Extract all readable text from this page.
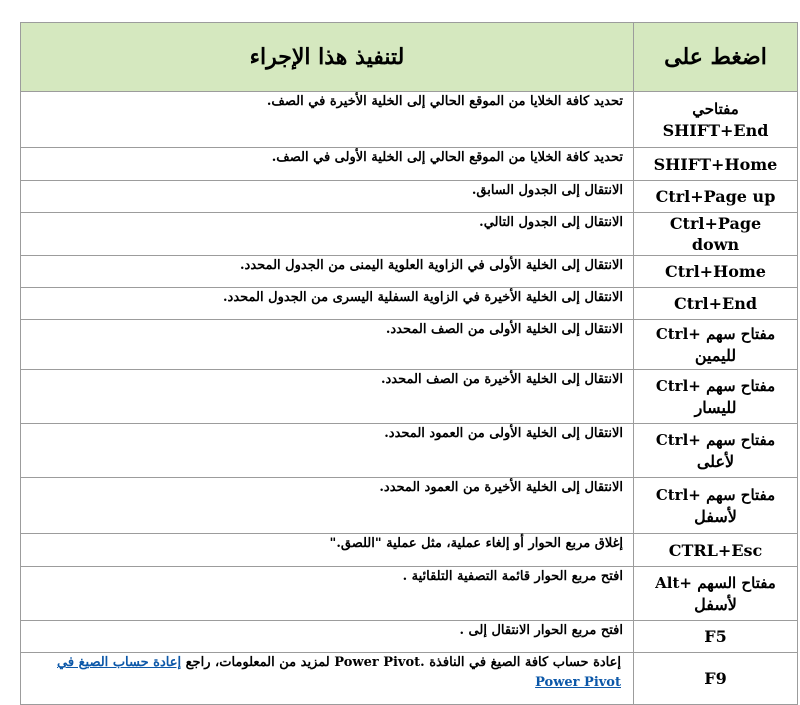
اضغط على	لتنفيذ هذا الإجراء

مفتاحي
SHIFT+End	تحديد كافة الخلايا من الموقع الحالي إلى الخلية الأخيرة في الصف.

SHIFT+Home	تحديد كافة الخلايا من الموقع الحالي إلى الخلية الأولى في الصف.

Ctrl+Page up	الانتقال إلى الجدول السابق.

Ctrl+Page down	الانتقال إلى الجدول التالي.

Ctrl+Home	الانتقال إلى الخلية الأولى في الزاوية العلوية اليمنى من الجدول المحدد.

Ctrl+End	الانتقال إلى الخلية الأخيرة في الزاوية السفلية اليسرى من الجدول المحدد.

مفتاح سهم +Ctrl
لليمين	الانتقال إلى الخلية الأولى من الصف المحدد.

مفتاح سهم +Ctrl
لليسار	الانتقال إلى الخلية الأخيرة من الصف المحدد.

مفتاح سهم +Ctrl
لأعلى	الانتقال إلى الخلية الأولى من العمود المحدد.

مفتاح سهم +Ctrl
لأسفل	الانتقال إلى الخلية الأخيرة من العمود المحدد.

CTRL+Esc	إغلاق مربع الحوار أو إلغاء عملية، مثل عملية "اللصق."

مفتاح السهم +Alt
لأسفل	افتح مربع الحوار قائمة التصفية التلقائية .

F5	افتح مربع الحوار الانتقال إلى .

F9	إعادة حساب كافة الصيغ في النافذة .Power Pivot لمزيد من المعلومات، راجع إعادة حساب الصيغ في Power Pivot
